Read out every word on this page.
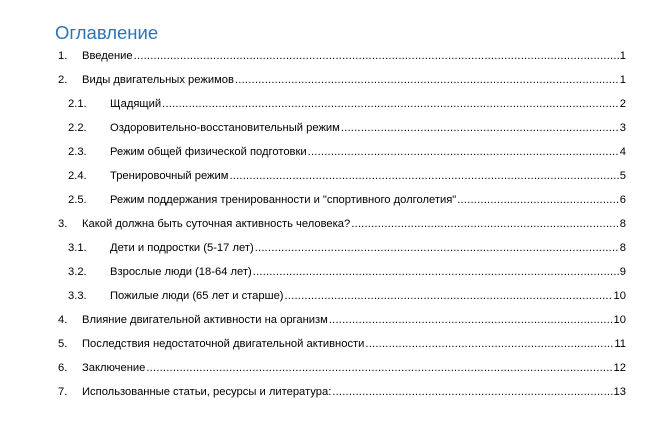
Оглавление
1. Введение .....	1
2. Виды двигательных режимов .....	1
2.1. Щадящий .....	2
2.2. Оздоровительно-восстановительный режим .....	3
2.3. Режим общей физической подготовки .....	4
2.4. Тренировочный режим .....	5
2.5. Режим поддержания тренированности и "спортивного долголетия" .....	6
3. Какой должна быть суточная активность человека? .....	8
3.1. Дети и подростки (5-17 лет) .....	8
3.2. Взрослые люди (18-64 лет) .....	9
3.3. Пожилые люди (65 лет и старше) .....	10
4. Влияние двигательной активности на организм .....	10
5. Последствия недостаточной двигательной активности .....	11
6. Заключение .....	12
7. Использованные статьи, ресурсы и литература: .....	13
